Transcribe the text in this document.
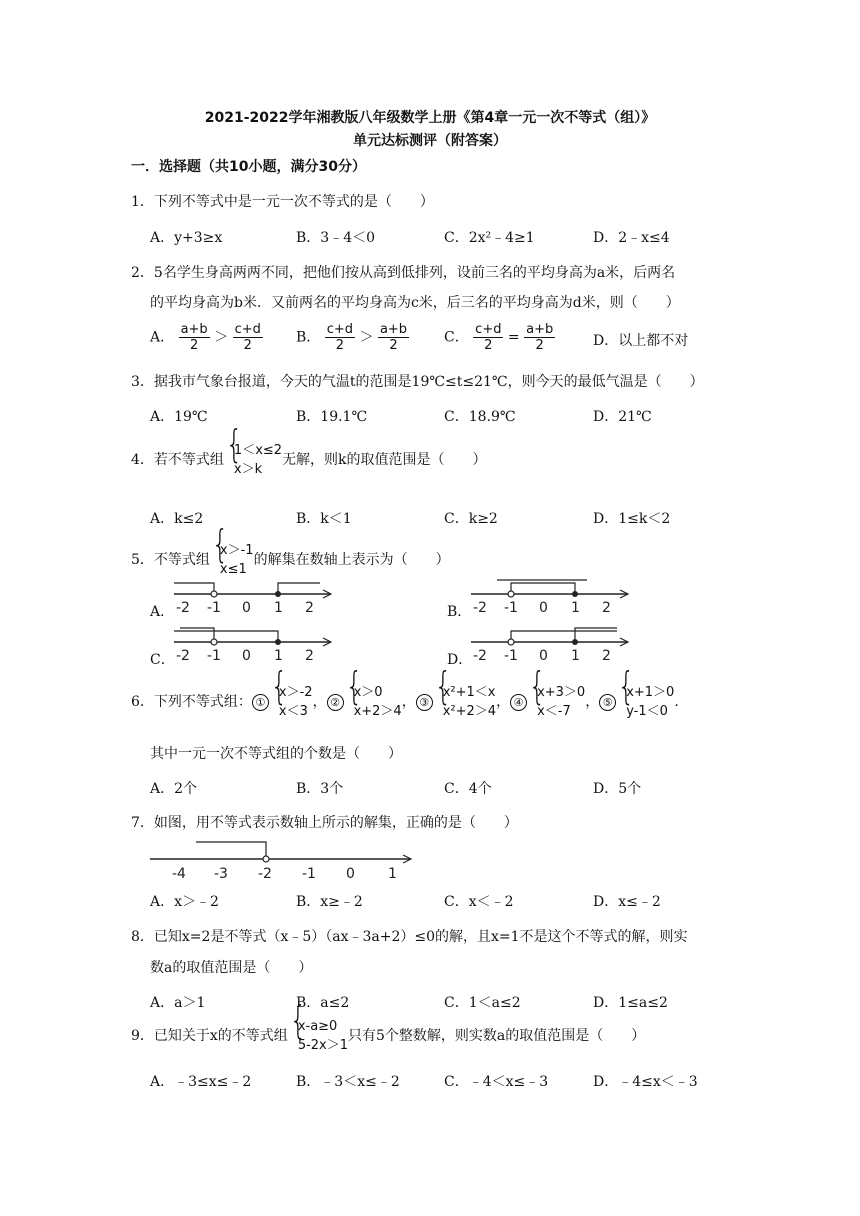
2021-2022学年湘教版八年级数学上册《第4章一元一次不等式（组）》
单元达标测评（附答案）
一．选择题（共10小题，满分30分）
1．下列不等式中是一元一次不等式的是（　　）
A．y+3≥x	B．3﹣4＜0	C．2x²﹣4≥1	D．2﹣x≤4
2．5名学生身高两两不同，把他们按从高到低排列，设前三名的平均身高为a米，后两名
的平均身高为b米．又前两名的平均身高为c米，后三名的平均身高为d米，则（　　）
A． $\frac{a+b}{2} > \frac{c+d}{2}$ B． $\frac{c+d}{2} > \frac{a+b}{2}$ C． $\frac{c+d}{2} = \frac{a+b}{2}$	D．以上都不对
3．据我市气象台报道，今天的气温t的范围是19℃≤t≤21℃，则今天的最低气温是（　　）
A．19℃	B．19.1℃	C．18.9℃	D．21℃
4．若不等式组{ 1＜x≤2
x＞k无解，则k的取值范围是（　　）
A．k≤2	B．k＜1	C．k≥2	D．1≤k＜2
5．不等式组{ x＞-1
x≤1的解集在数轴上表示为（　　）
A． -2 -1 0 1 2	B． -2 -1 0 1 2
C． -2 -1 0 1 2	D． -2 -1 0 1 2
6．下列不等式组： ①{ x＞-2
x＜3， ②{ x＞0
x+2＞4， ③{ x²+1＜x
x²+2＞4， ④{ x+3＞0
x＜-7， ⑤{ x+1＞0
y-1＜0.
其中一元一次不等式组的个数是（　　）
A．2个	B．3个	C．4个	D．5个
7．如图，用不等式表示数轴上所示的解集，正确的是（　　）
-4 -3 -2 -1 0 1
A．x＞﹣2	B．x≥﹣2	C．x＜﹣2	D．x≤﹣2
8．已知x=2是不等式（x﹣5）（ax﹣3a+2）≤0的解，且x=1不是这个不等式的解，则实
数a的取值范围是（　　）
A．a＞1	B．a≤2	C．1＜a≤2	D．1≤a≤2
9．已知关于x的不等式组{ x-a≥0
5-2x＞1只有5个整数解，则实数a的取值范围是（　　）
A．﹣3≤x≤﹣2	B．﹣3＜x≤﹣2	C．﹣4＜x≤﹣3	D．﹣4≤x＜﹣3
